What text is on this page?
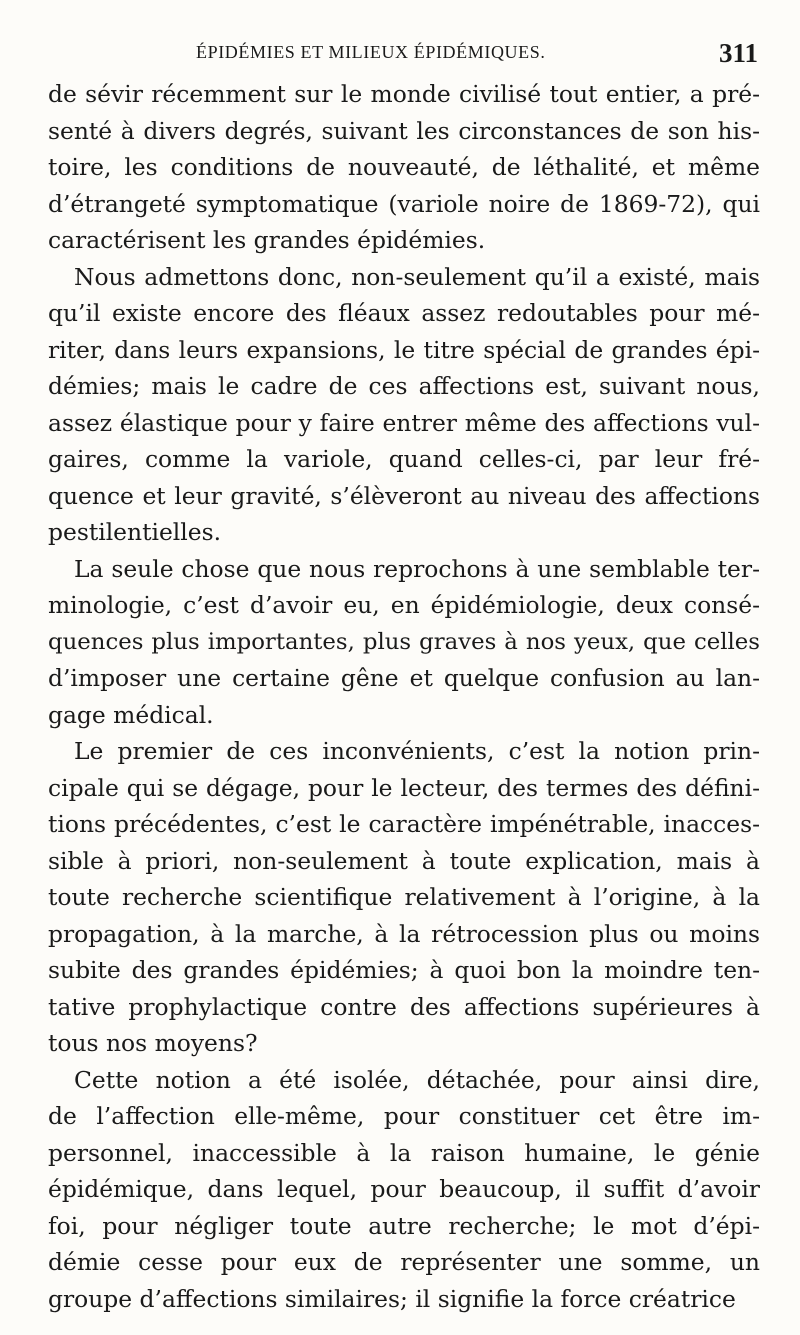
ÉPIDÉMIES ET MILIEUX ÉPIDÉMIQUES.	311
de sévir récemment sur le monde civilisé tout entier, a pré-
senté à divers degrés, suivant les circonstances de son his-
toire, les conditions de nouveauté, de léthalité, et même
d’étrangeté symptomatique (variole noire de 1869-72), qui
caractérisent les grandes épidémies.
Nous admettons donc, non-seulement qu’il a existé, mais
qu’il existe encore des fléaux assez redoutables pour mé-
riter, dans leurs expansions, le titre spécial de grandes épi-
démies; mais le cadre de ces affections est, suivant nous,
assez élastique pour y faire entrer même des affections vul-
gaires, comme la variole, quand celles-ci, par leur fré-
quence et leur gravité, s’élèveront au niveau des affections
pestilentielles.
La seule chose que nous reprochons à une semblable ter-
minologie, c’est d’avoir eu, en épidémiologie, deux consé-
quences plus importantes, plus graves à nos yeux, que celles
d’imposer une certaine gêne et quelque confusion au lan-
gage médical.
Le premier de ces inconvénients, c’est la notion prin-
cipale qui se dégage, pour le lecteur, des termes des défini-
tions précédentes, c’est le caractère impénétrable, inacces-
sible à priori, non-seulement à toute explication, mais à
toute recherche scientifique relativement à l’origine, à la
propagation, à la marche, à la rétrocession plus ou moins
subite des grandes épidémies; à quoi bon la moindre ten-
tative prophylactique contre des affections supérieures à
tous nos moyens?
Cette notion a été isolée, détachée, pour ainsi dire,
de l’affection elle-même, pour constituer cet être im-
personnel, inaccessible à la raison humaine, le génie
épidémique, dans lequel, pour beaucoup, il suffit d’avoir
foi, pour négliger toute autre recherche; le mot d’épi-
démie cesse pour eux de représenter une somme, un
groupe d’affections similaires; il signifie la force créatrice
